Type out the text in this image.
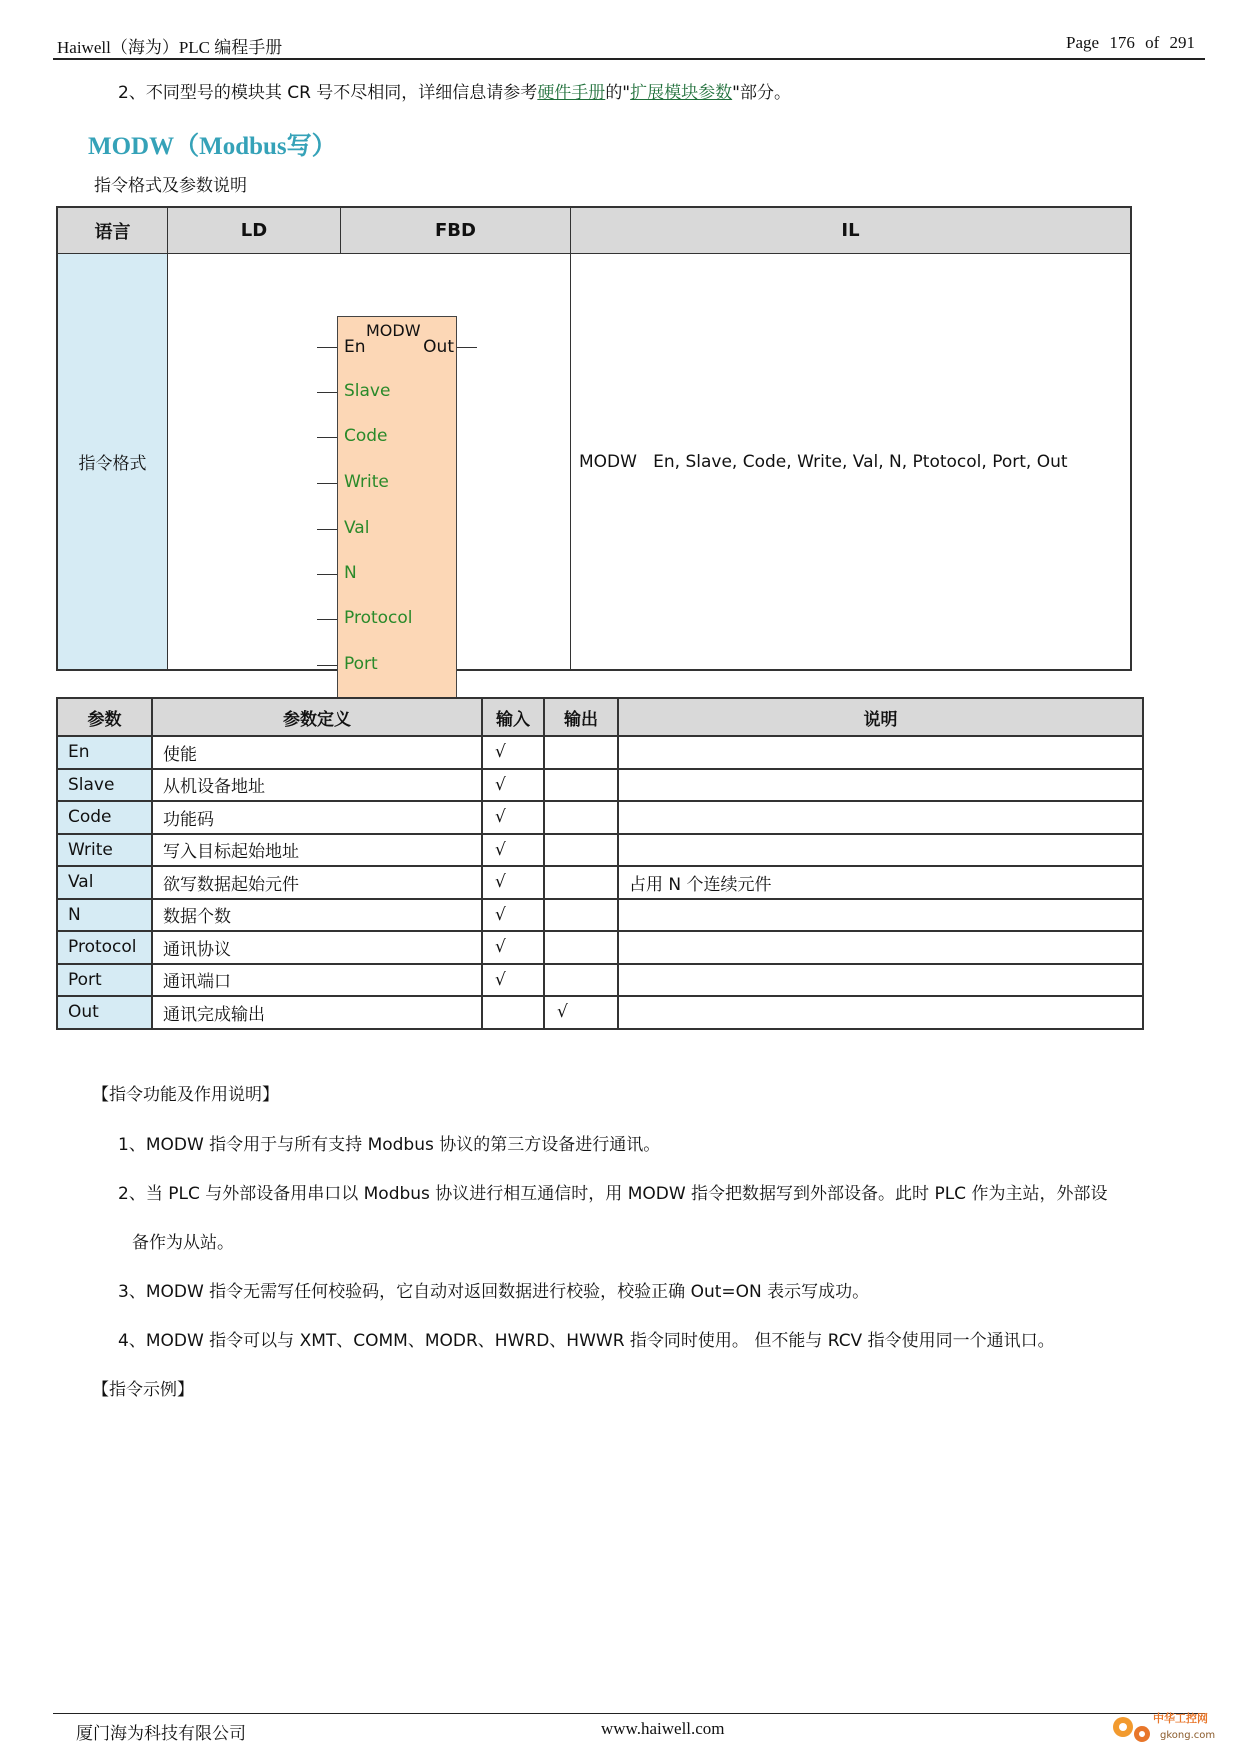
Haiwell（海为）PLC 编程手册	Page 176 of 291
2、不同型号的模块其 CR 号不尽相同，详细信息请参考硬件手册的"扩展模块参数"部分。
MODW（Modbus写）
指令格式及参数说明
语言	LD	FBD	IL
指令格式
MODW
En	Out
Slave
Code
Write
Val
N
Protocol
Port
MODW   En, Slave, Code, Write, Val, N, Ptotocol, Port, Out
参数	参数定义	输入	输出	说明
En	使能	√		
Slave	从机设备地址	√		
Code	功能码	√		
Write	写入目标起始地址	√		
Val	欲写数据起始元件	√		占用 N 个连续元件
N	数据个数	√		
Protocol	通讯协议	√		
Port	通讯端口	√		
Out	通讯完成输出		√	
【指令功能及作用说明】
1、MODW 指令用于与所有支持 Modbus 协议的第三方设备进行通讯。
2、当 PLC 与外部设备用串口以 Modbus 协议进行相互通信时，用 MODW 指令把数据写到外部设备。此时 PLC 作为主站，外部设
备作为从站。
3、MODW 指令无需写任何校验码，它自动对返回数据进行校验，校验正确 Out=ON 表示写成功。
4、MODW 指令可以与 XMT、COMM、MODR、HWRD、HWWR 指令同时使用。 但不能与 RCV 指令使用同一个通讯口。
【指令示例】
厦门海为科技有限公司	www.haiwell.com
中华工控网
gkong.com
